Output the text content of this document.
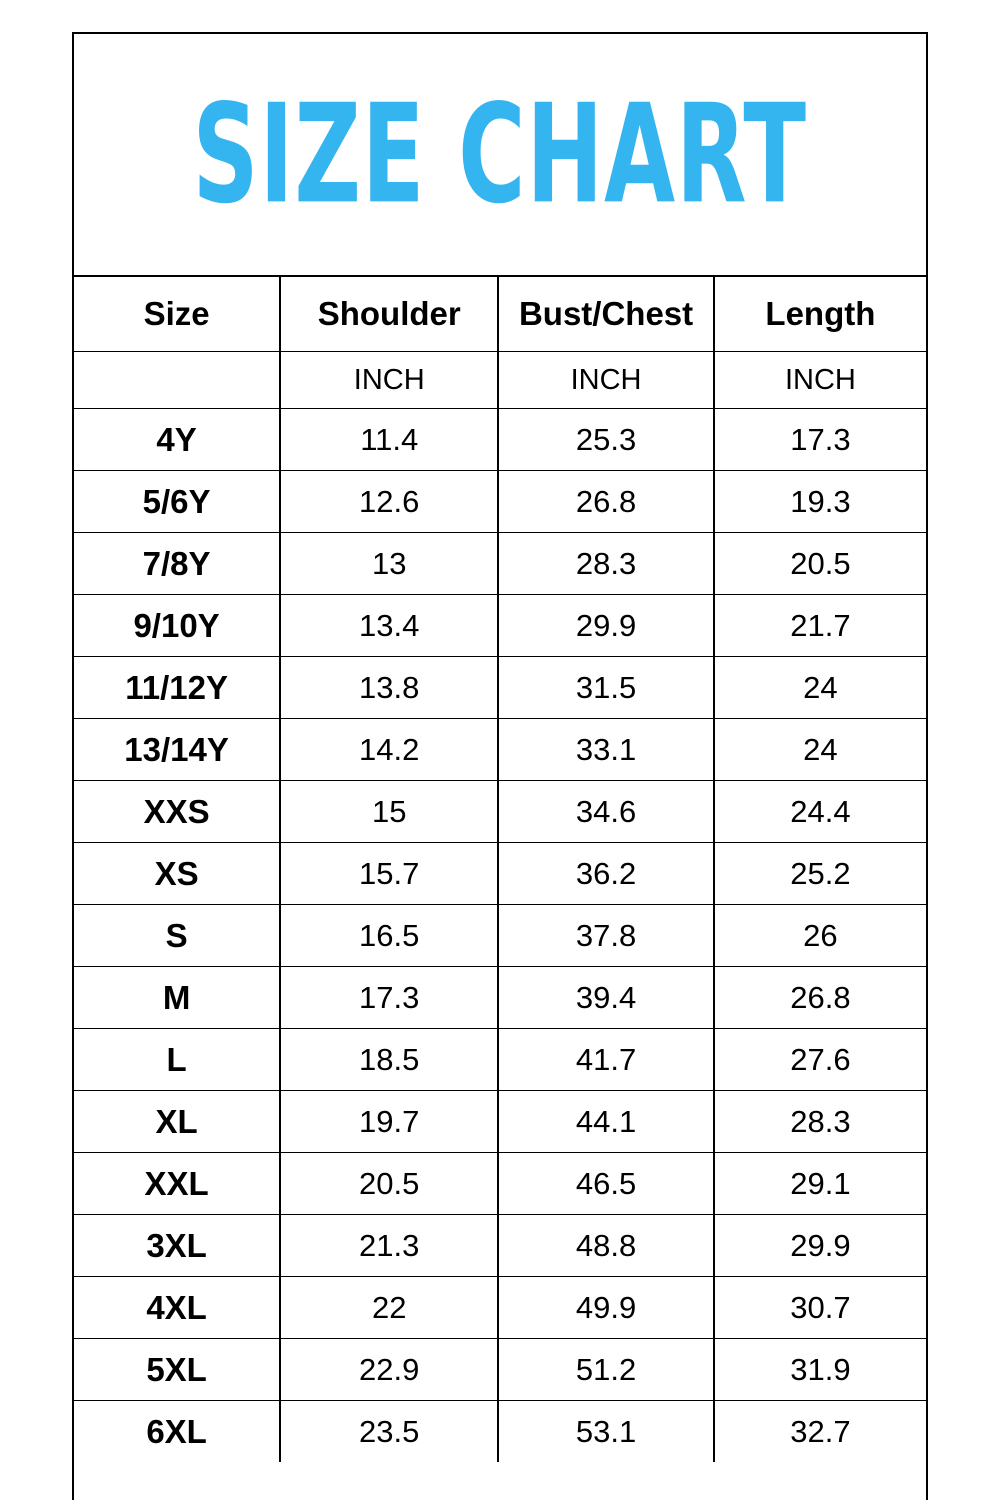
SIZE CHART
Size	Shoulder	Bust/Chest	Length
	INCH	INCH	INCH
4Y	11.4	25.3	17.3
5/6Y	12.6	26.8	19.3
7/8Y	13	28.3	20.5
9/10Y	13.4	29.9	21.7
11/12Y	13.8	31.5	24
13/14Y	14.2	33.1	24
XXS	15	34.6	24.4
XS	15.7	36.2	25.2
S	16.5	37.8	26
M	17.3	39.4	26.8
L	18.5	41.7	27.6
XL	19.7	44.1	28.3
XXL	20.5	46.5	29.1
3XL	21.3	48.8	29.9
4XL	22	49.9	30.7
5XL	22.9	51.2	31.9
6XL	23.5	53.1	32.7
